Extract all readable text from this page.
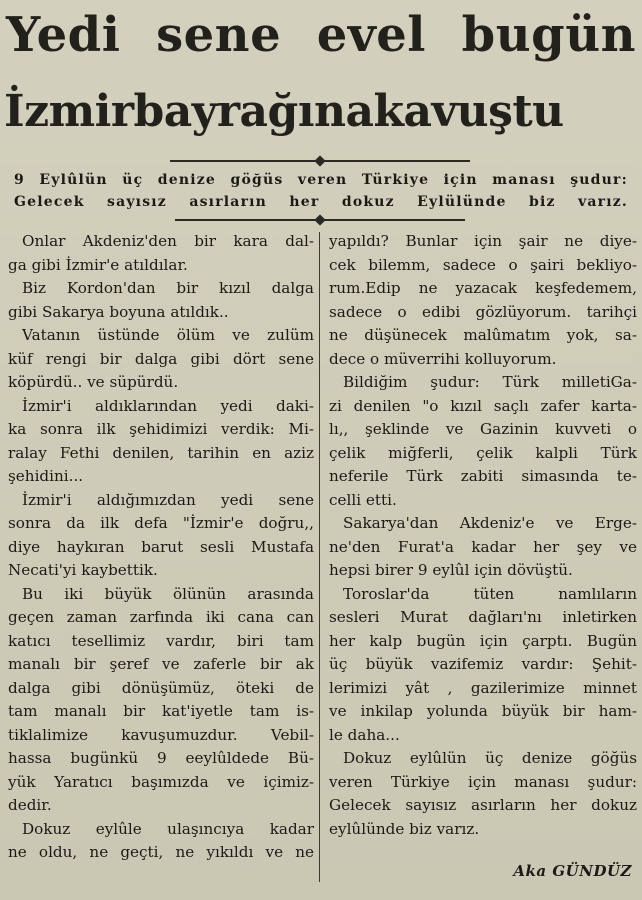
Yedi sene evel bugün
İzmirbayrağınakavuştu
9 Eylûlün üç denize göğüs veren Türkiye için manası şudur:
Gelecek sayısız asırların her dokuz Eylülünde biz varız.
Onlar Akdeniz'den bir kara dal-
ga gibi İzmir'e atıldılar.
Biz Kordon'dan bir kızıl dalga
gibi Sakarya boyuna atıldık..
Vatanın üstünde ölüm ve zulüm
küf rengi bir dalga gibi dört sene
köpürdü.. ve süpürdü.
İzmir'i aldıklarından yedi daki-
ka sonra ilk şehidimizi verdik: Mi-
ralay Fethi denilen, tarihin en aziz
şehidini...
İzmir'i aldığımızdan yedi sene
sonra da ilk defa "İzmir'e doğru,,
diye haykıran barut sesli Mustafa
Necati'yi kaybettik.
Bu iki büyük ölünün arasında
geçen zaman zarfında iki cana can
katıcı tesellimiz vardır, biri tam
manalı bir şeref ve zaferle bir ak
dalga gibi dönüşümüz, öteki de
tam manalı bir kat'iyetle tam is-
tiklalimize kavuşumuzdur. Vebil-
hassa bugünkü 9 eeylûldede Bü-
yük Yaratıcı başımızda ve içimiz-
dedir.
Dokuz eylûle ulaşıncıya kadar
ne oldu, ne geçti, ne yıkıldı ve ne
yapıldı? Bunlar için şair ne diye-
cek bilemm, sadece o şairi bekliyo-
rum.Edip ne yazacak keşfedemem,
sadece o edibi gözlüyorum. tarihçi
ne düşünecek malûmatım yok, sa-
dece o müverrihi kolluyorum.
Bildiğim şudur: Türk milletiGa-
zi denilen "o kızıl saçlı zafer karta-
lı,, şeklinde ve Gazinin kuvveti o
çelik miğferli, çelik kalpli Türk
neferile Türk zabiti simasında te-
celli etti.
Sakarya'dan Akdeniz'e ve Erge-
ne'den Furat'a kadar her şey ve
hepsi birer 9 eylûl için dövüştü.
Toroslar'da tüten namlıların
sesleri Murat dağları'nı inletirken
her kalp bugün için çarptı. Bugün
üç büyük vazifemiz vardır: Şehit-
lerimizi yât , gazilerimize minnet
ve inkilap yolunda büyük bir ham-
le daha...
Dokuz eylûlün üç denize göğüs
veren Türkiye için manası şudur:
Gelecek sayısız asırların her dokuz
eylûlünde biz varız.
Aka GÜNDÜZ
